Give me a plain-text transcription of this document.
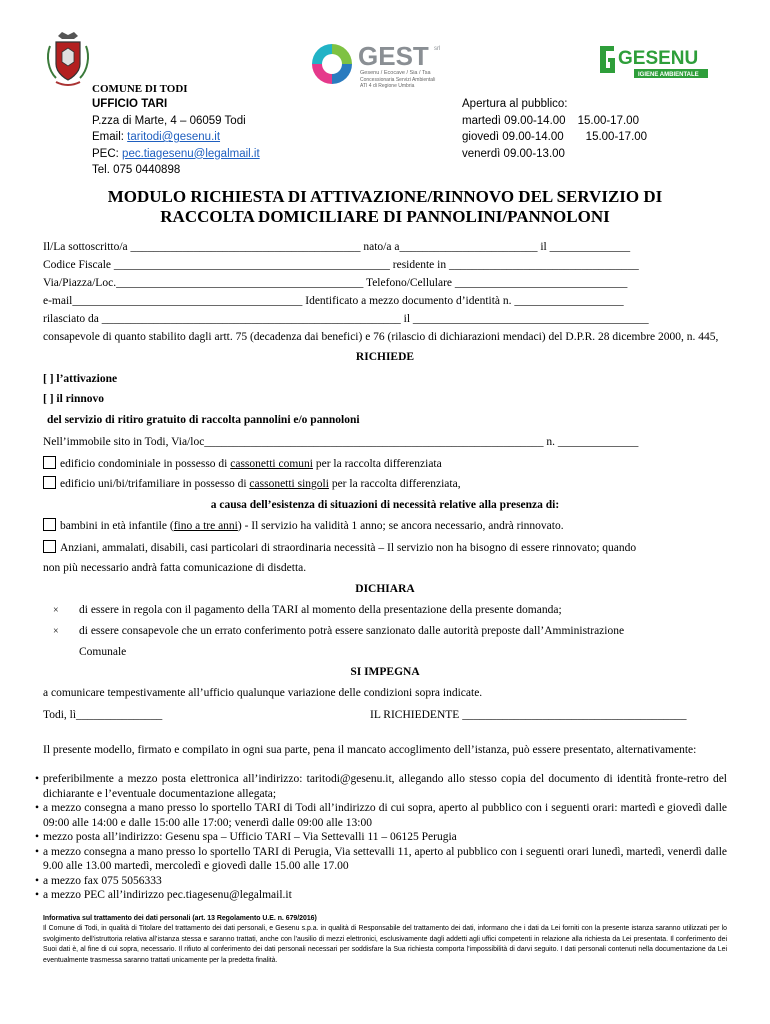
COMUNE DI TODI
UFFICIO TARI
P.zza di Marte, 4 – 06059 Todi
Email: taritodi@gesenu.it
PEC: pec.tiagesenu@legalmail.it
Tel. 075 0440898
GEST srl
Gesenu / Ecocave / Sia / Tsa
Concessionaria Servizi Ambientali
ATI 4 di Regione Umbria
GESENU
IGIENE AMBIENTALE
Apertura al pubblico:
martedì 09.00-14.00 15.00-17.00
giovedì 09.00-14.00 15.00-17.00
venerdì 09.00-13.00
MODULO RICHIESTA DI ATTIVAZIONE/RINNOVO DEL SERVIZIO DI
RACCOLTA DOMICILIARE DI PANNOLINI/PANNOLONI
Il/La sottoscritto/a ________________________________________ nato/a a________________________ il ______________
Codice Fiscale ________________________________________________ residente in _________________________________
Via/Piazza/Loc.___________________________________________ Telefono/Cellulare ______________________________
e-mail________________________________________ Identificato a mezzo documento d’identità n. ___________________
rilasciato da ____________________________________________________ il _________________________________________
consapevole di quanto stabilito dagli artt. 75 (decadenza dai benefici) e 76 (rilascio di dichiarazioni mendaci) del D.P.R. 28 dicembre 2000, n. 445,
RICHIEDE
[ ] l’attivazione
[ ] il rinnovo
del servizio di ritiro gratuito di raccolta pannolini e/o pannoloni
Nell’immobile sito in Todi, Via/loc___________________________________________________________ n. ______________
edificio condominiale in possesso di cassonetti comuni per la raccolta differenziata
edificio uni/bi/trifamiliare in possesso di cassonetti singoli per la raccolta differenziata,
a causa dell’esistenza di situazioni di necessità relative alla presenza di:
bambini in età infantile (fino a tre anni) - Il servizio ha validità 1 anno; se ancora necessario, andrà rinnovato.
Anziani, ammalati, disabili, casi particolari di straordinaria necessità – Il servizio non ha bisogno di essere rinnovato; quando
non più necessario andrà fatta comunicazione di disdetta.
DICHIARA
× di essere in regola con il pagamento della TARI al momento della presentazione della presente domanda;
× di essere consapevole che un errato conferimento potrà essere sanzionato dalle autorità preposte dall’Amministrazione
Comunale
SI IMPEGNA
a comunicare tempestivamente all’ufficio qualunque variazione delle condizioni sopra indicate.
Todi, lì_______________	IL RICHIEDENTE _______________________________________
Il presente modello, firmato e compilato in ogni sua parte, pena il mancato accoglimento dell’istanza, può essere presentato, alternativamente:
• preferibilmente a mezzo posta elettronica all’indirizzo: taritodi@gesenu.it, allegando allo stesso copia del documento di identità fronte-retro del dichiarante e l’eventuale documentazione allegata;
• a mezzo consegna a mano presso lo sportello TARI di Todi all’indirizzo di cui sopra, aperto al pubblico con i seguenti orari: martedì e giovedì dalle 09:00 alle 14:00 e dalle 15:00 alle 17:00; venerdì dalle 09:00 alle 13:00
• mezzo posta all’indirizzo: Gesenu spa – Ufficio TARI – Via Settevalli 11 – 06125 Perugia
• a mezzo consegna a mano presso lo sportello TARI di Perugia, Via settevalli 11, aperto al pubblico con i seguenti orari lunedì, martedì, venerdì dalle 9.00 alle 13.00 martedì, mercoledì e giovedì dalle 15.00 alle 17.00
• a mezzo fax 075 5056333
• a mezzo PEC all’indirizzo pec.tiagesenu@legalmail.it
Informativa sul trattamento dei dati personali (art. 13 Regolamento U.E. n. 679/2016)
Il Comune di Todi, in qualità di Titolare del trattamento dei dati personali, e Gesenu s.p.a. in qualità di Responsabile del trattamento dei dati, informano che i dati da Lei forniti con la presente istanza saranno utilizzati per lo svolgimento dell’istruttoria relativa all’istanza stessa e saranno trattati, anche con l’ausilio di mezzi elettronici, esclusivamente dagli addetti agli uffici competenti in relazione alla richiesta da Lei presentata. Il conferimento dei Suoi dati è, al fine di cui sopra, necessario. Il rifiuto al conferimento dei dati personali necessari per soddisfare la Sua richiesta comporta l’impossibilità di darvi seguito. I dati personali contenuti nella documentazione da Lei eventualmente trasmessa saranno trattati unicamente per la predetta finalità.
